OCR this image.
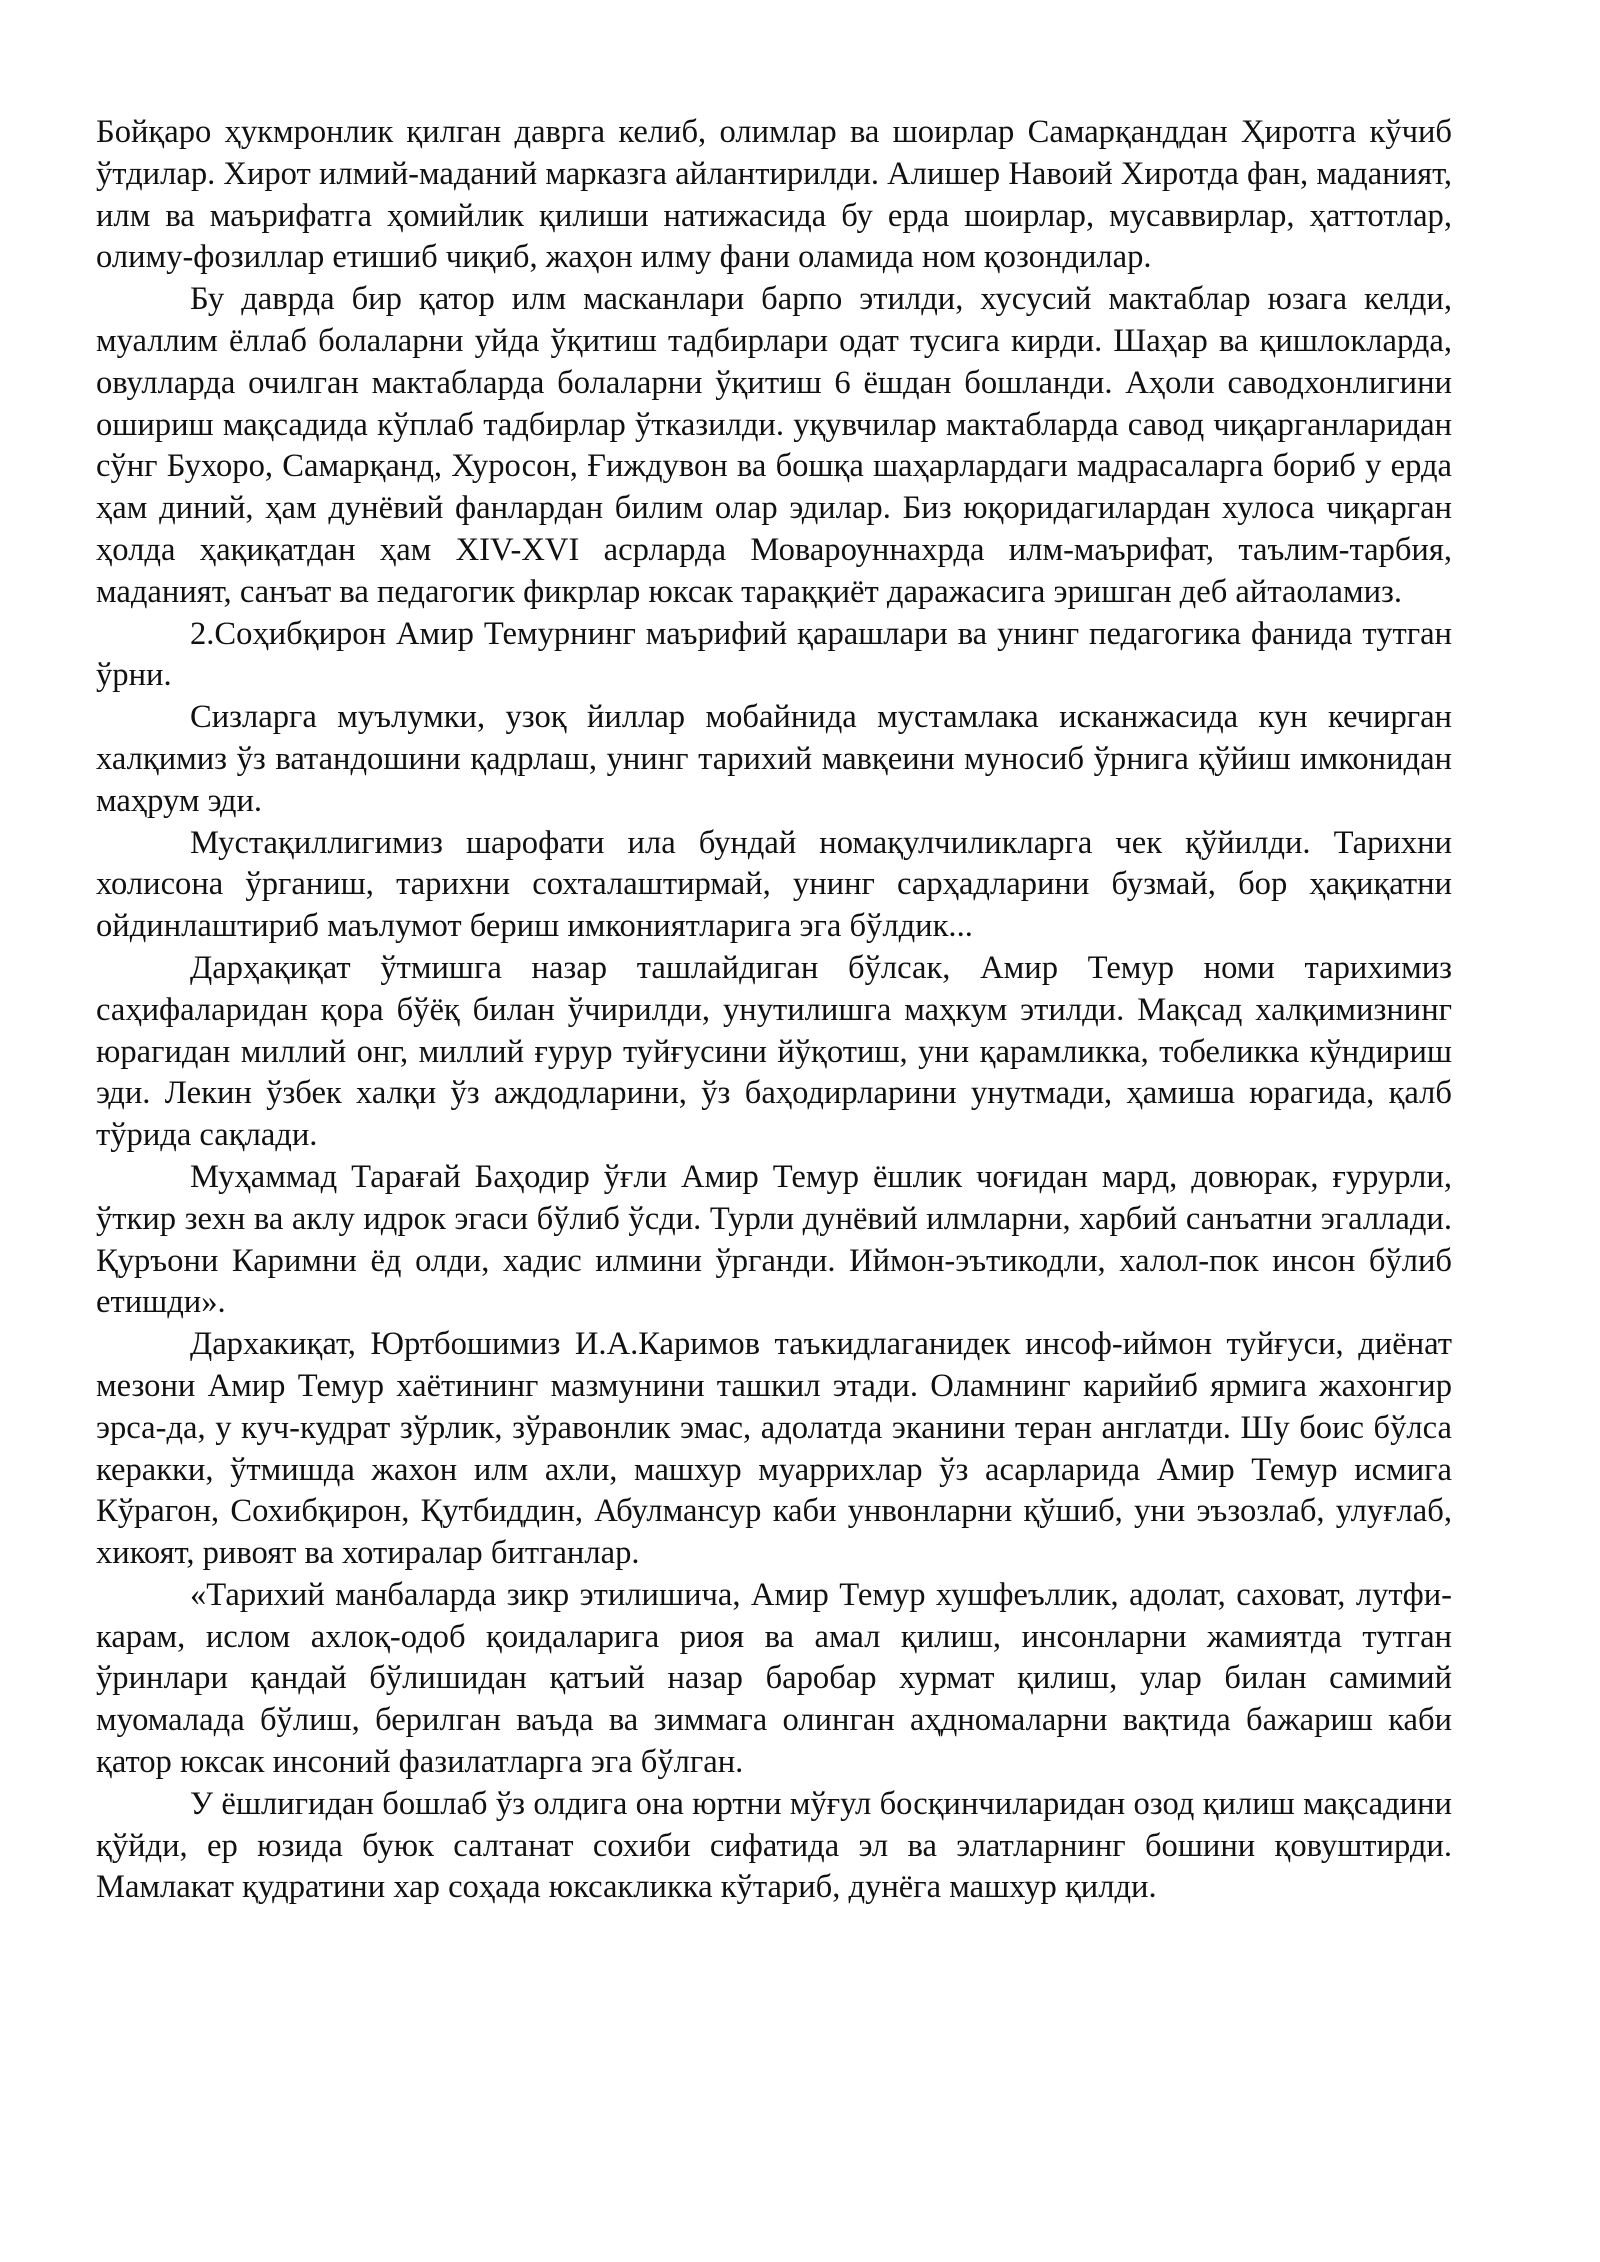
Бойқаро ҳукмронлик қилган даврга келиб, олимлар ва шоирлар Самарқанддан Ҳиротга кўчиб ўтдилар. Хирот илмий-маданий марказга айлантирилди. Алишер Навоий Хиротда фан, маданият, илм ва маърифатга ҳомийлик қилиши натижасида бу ерда шоирлар, мусаввирлар, ҳаттотлар, олиму-фозиллар етишиб чиқиб, жаҳон илму фани оламида ном қозондилар.

Бу даврда бир қатор илм масканлари барпо этилди, хусусий мактаблар юзага келди, муаллим ёллаб болаларни уйда ўқитиш тадбирлари одат тусига кирди. Шаҳар ва қишлокларда, овулларда очилган мактабларда болаларни ўқитиш 6 ёшдан бошланди. Аҳоли саводхонлигини ошириш мақсадида кўплаб тадбирлар ўтказилди. уқувчилар мактабларда савод чиқарганларидан сўнг Бухоро, Самарқанд, Хуросон, Ғиждувон ва бошқа шаҳарлардаги мадрасаларга бориб у ерда ҳам диний, ҳам дунёвий фанлардан билим олар эдилар. Биз юқоридагилардан хулоса чиқарган ҳолда ҳақиқатдан ҳам XIV-XVI асрларда Мовароуннахрда илм-маърифат, таълим-тарбия, маданият, санъат ва педагогик фикрлар юксак тараққиёт даражасига эришган деб айтаоламиз.

2.Соҳибқирон Амир Темурнинг маърифий қарашлари ва унинг педагогика фанида тутган ўрни.

Сизларга муълумки, узоқ йиллар мобайнида мустамлака исканжасида кун кечирган халқимиз ўз ватандошини қадрлаш, унинг тарихий мавқеини муносиб ўрнига қўйиш имконидан маҳрум эди.

Мустақиллигимиз шарофати ила бундай номақулчиликларга чек қўйилди. Тарихни холисона ўрганиш, тарихни сохталаштирмай, унинг сарҳадларини бузмай, бор ҳақиқатни ойдинлаштириб маълумот бериш имкониятларига эга бўлдик...

Дарҳақиқат ўтмишга назар ташлайдиган бўлсак, Амир Темур номи тарихимиз саҳифаларидан қора бўёқ билан ўчирилди, унутилишга маҳкум этилди. Мақсад халқимизнинг юрагидан миллий онг, миллий ғурур туйғусини йўқотиш, уни қарамликка, тобеликка кўндириш эди. Лекин ўзбек халқи ўз аждодларини, ўз баҳодирларини унутмади, ҳамиша юрагида, қалб тўрида сақлади.

Муҳаммад Тарағай Баҳодир ўғли Амир Темур ёшлик чоғидан мард, довюрак, ғурурли, ўткир зехн ва аклу идрок эгаси бўлиб ўсди. Турли дунёвий илмларни, харбий санъатни эгаллади. Қуръони Каримни ёд олди, хадис илмини ўрганди. Иймон-эътикодли, халол-пок инсон бўлиб етишди».

Дархакиқат, Юртбошимиз И.А.Каримов таъкидлаганидек инсоф-иймон туйғуси, диёнат мезони Амир Темур хаётининг мазмунини ташкил этади. Оламнинг карийиб ярмига жахонгир эрса-да, у куч-кудрат зўрлик, зўравонлик эмас, адолатда эканини теран англатди. Шу боис бўлса керакки, ўтмишда жахон илм ахли, машхур муаррихлар ўз асарларида Амир Темур исмига Кўрагон, Сохибқирон, Қутбиддин, Абулмансур каби унвонларни қўшиб, уни эъзозлаб, улуғлаб, хикоят, ривоят ва хотиралар битганлар.

«Тарихий манбаларда зикр этилишича, Амир Темур хушфеъллик, адолат, саховат, лутфи-карам, ислом ахлоқ-одоб қоидаларига риоя ва амал қилиш, инсонларни жамиятда тутган ўринлари қандай бўлишидан қатъий назар баробар хурмат қилиш, улар билан самимий муомалада бўлиш, берилган ваъда ва зиммага олинган аҳдномаларни вақтида бажариш каби қатор юксак инсоний фазилатларга эга бўлган.

У ёшлигидан бошлаб ўз олдига она юртни мўғул босқинчиларидан озод қилиш мақсадини қўйди, ер юзида буюк салтанат сохиби сифатида эл ва элатларнинг бошини қовуштирди. Мамлакат қудратини хар соҳада юксакликка кўтариб, дунёга машхур қилди.
